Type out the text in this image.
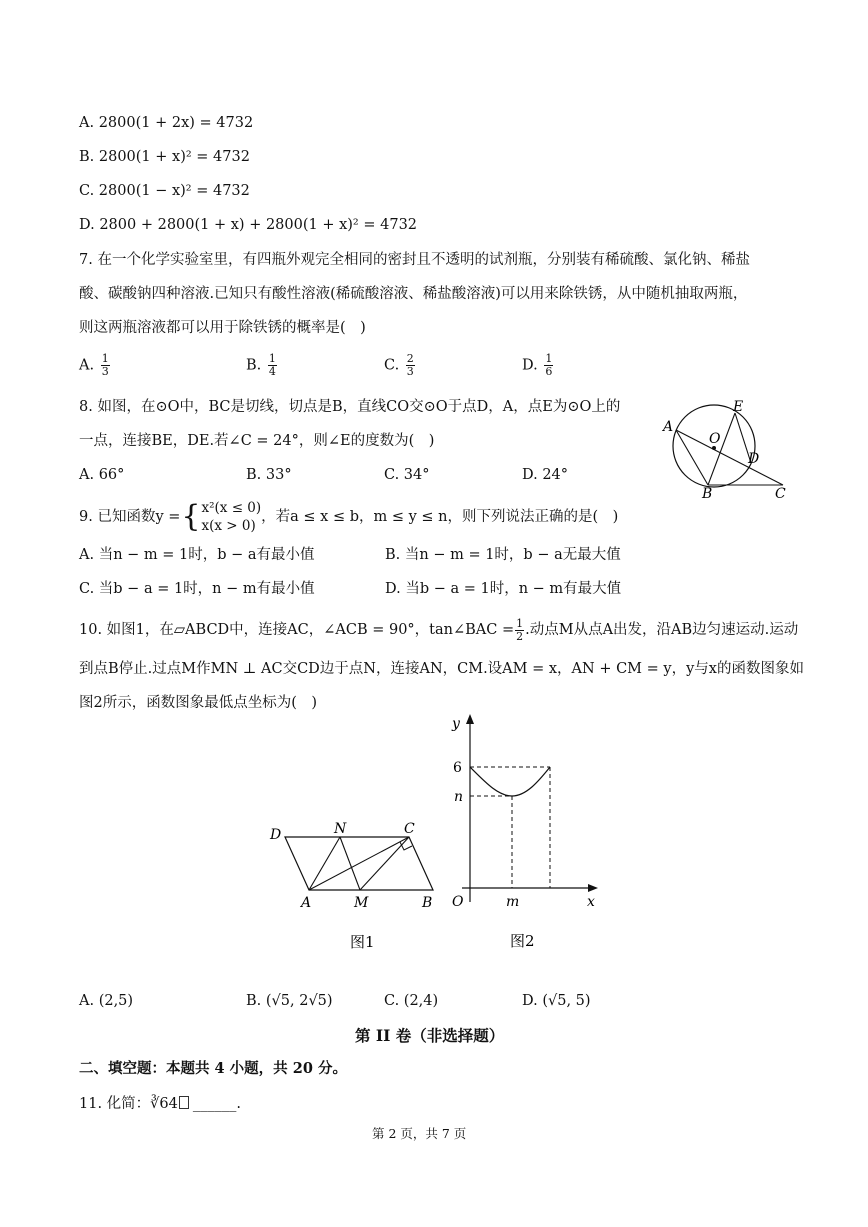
A. 2800(1 + 2x) = 4732
B. 2800(1 + x)² = 4732
C. 2800(1 − x)² = 4732
D. 2800 + 2800(1 + x) + 2800(1 + x)² = 4732
7. 在一个化学实验室里，有四瓶外观完全相同的密封且不透明的试剂瓶，分别装有稀硫酸、氯化钠、稀盐
酸、碳酸钠四种溶液.已知只有酸性溶液(稀硫酸溶液、稀盐酸溶液)可以用来除铁锈，从中随机抽取两瓶，
则这两瓶溶液都可以用于除铁锈的概率是(　)
A. $\frac{1}{3}$	B. $\frac{1}{4}$	C. $\frac{2}{3}$	D. $\frac{1}{6}$
8. 如图，在⊙O中，BC是切线，切点是B，直线CO交⊙O于点D，A，点E为⊙O上的
一点，连接BE，DE.若∠C = 24°，则∠E的度数为(　)
A. 66°	B. 33°	C. 34°	D. 24°
A
E
O
D
B	C
9. 已知函数y = { x²(x ≤ 0)
x(x > 0)
，若a ≤ x ≤ b，m ≤ y ≤ n，则下列说法正确的是(　)
A. 当n − m = 1时，b − a有最小值	B. 当n − m = 1时，b − a无最大值
C. 当b − a = 1时，n − m有最小值	D. 当b − a = 1时，n − m有最大值
10. 如图1，在▱ABCD中，连接AC，∠ACB = 90°，tan∠BAC = $\frac{1}{2}$ .动点M从点A出发，沿AB边匀速运动.运动
到点B停止.过点M作MN ⊥ AC交CD边于点N，连接AN，CM.设AM = x，AN + CM = y，y与x的函数图象如
图2所示，函数图象最低点坐标为(　)
D	N	C
A	M	B
图1
y
6
n
O	m	x
图2
A. (2,5)	B. (√5, 2√5)	C. (2,4)	D. (√5, 5)
第 II 卷（非选择题）
二、填空题：本题共 4 小题，共 20 分。
11. 化简：∛64 ______.
第 2 页，共 7 页
